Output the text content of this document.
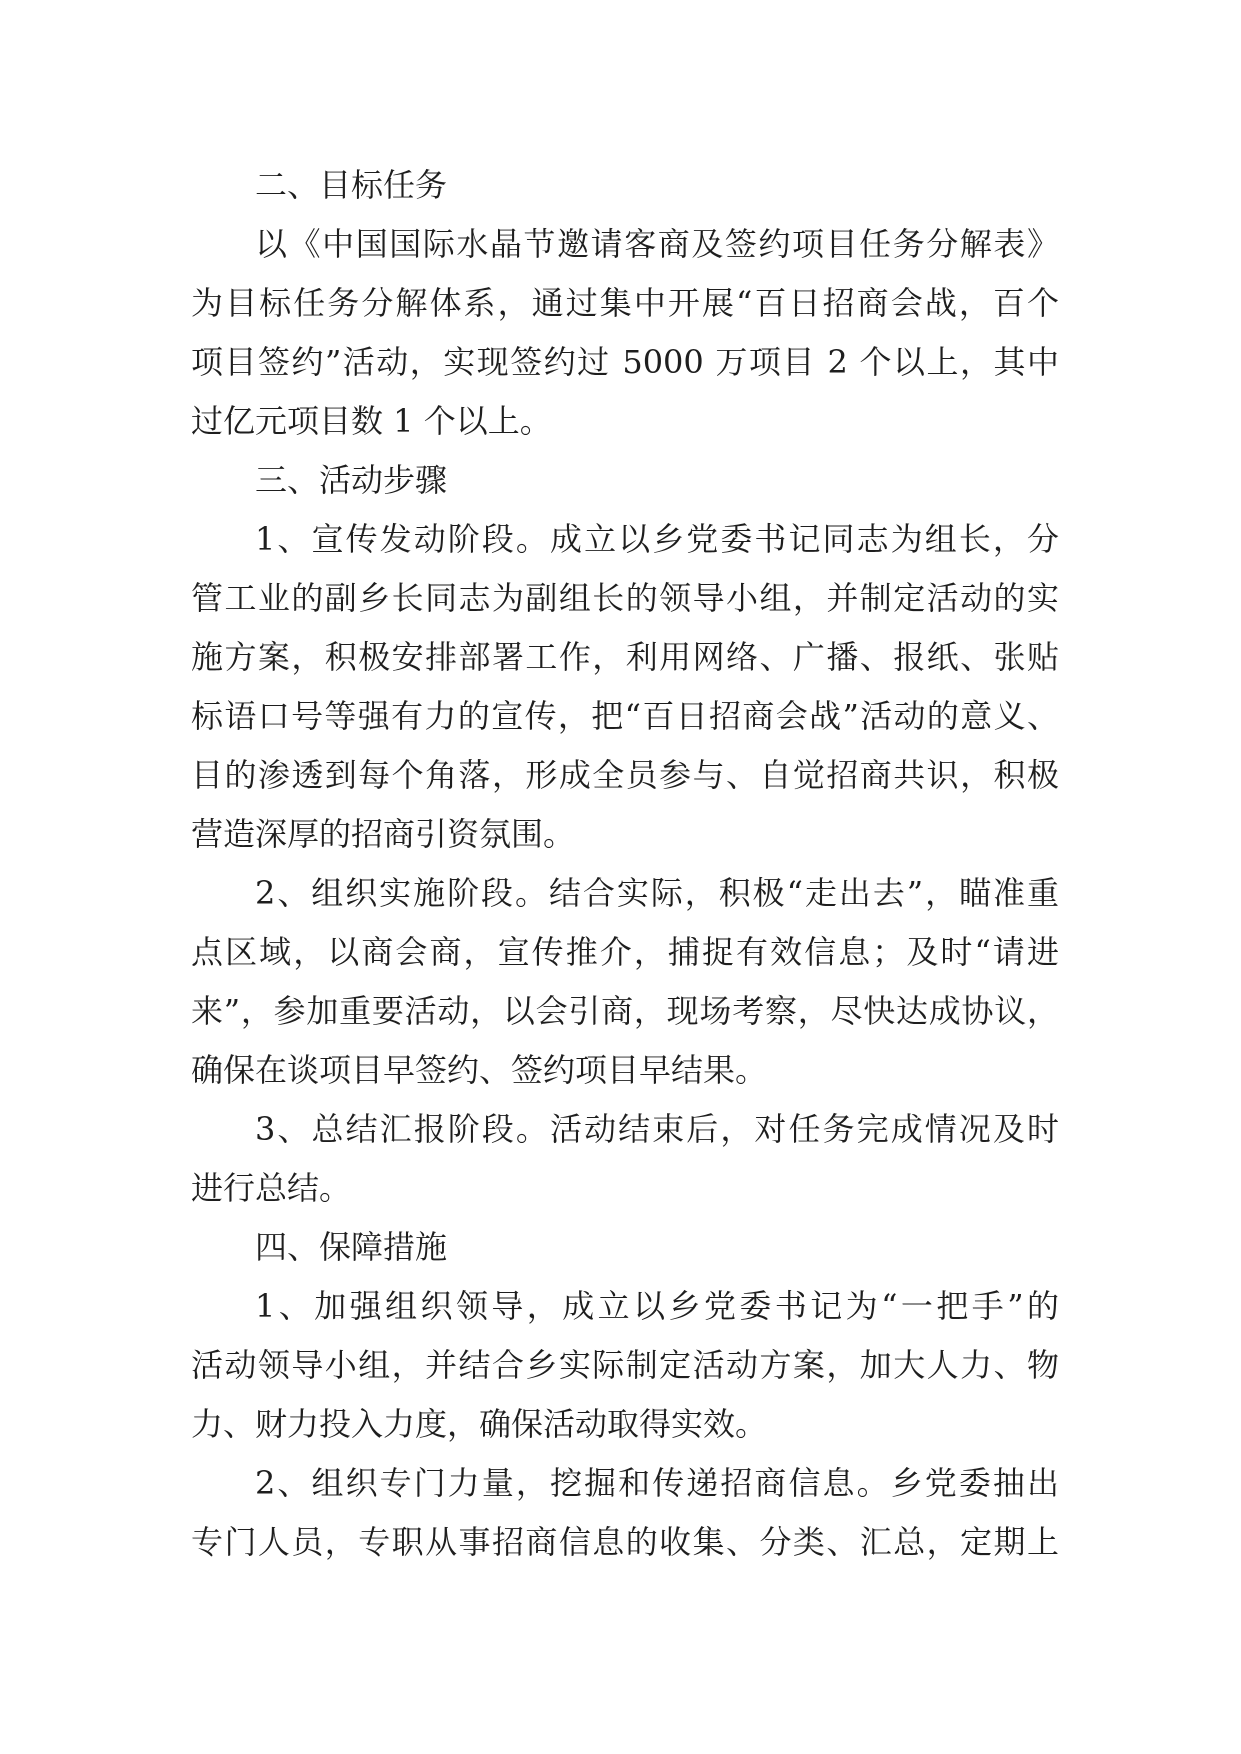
二、目标任务
以《中国国际水晶节邀请客商及签约项目任务分解表》
为目标任务分解体系，通过集中开展“百日招商会战，百个
项目签约”活动，实现签约过 5000 万项目 2 个以上，其中
过亿元项目数 1 个以上。
三、活动步骤
1、宣传发动阶段。成立以乡党委书记同志为组长，分
管工业的副乡长同志为副组长的领导小组，并制定活动的实
施方案，积极安排部署工作，利用网络、广播、报纸、张贴
标语口号等强有力的宣传，把“百日招商会战”活动的意义、
目的渗透到每个角落，形成全员参与、自觉招商共识，积极
营造深厚的招商引资氛围。
2、组织实施阶段。结合实际，积极“走出去”，瞄准重
点区域，以商会商，宣传推介，捕捉有效信息；及时“请进
来”，参加重要活动，以会引商，现场考察，尽快达成协议，
确保在谈项目早签约、签约项目早结果。
3、总结汇报阶段。活动结束后，对任务完成情况及时
进行总结。
四、保障措施
1、加强组织领导，成立以乡党委书记为“一把手”的
活动领导小组，并结合乡实际制定活动方案，加大人力、物
力、财力投入力度，确保活动取得实效。
2、组织专门力量，挖掘和传递招商信息。乡党委抽出
专门人员，专职从事招商信息的收集、分类、汇总，定期上
